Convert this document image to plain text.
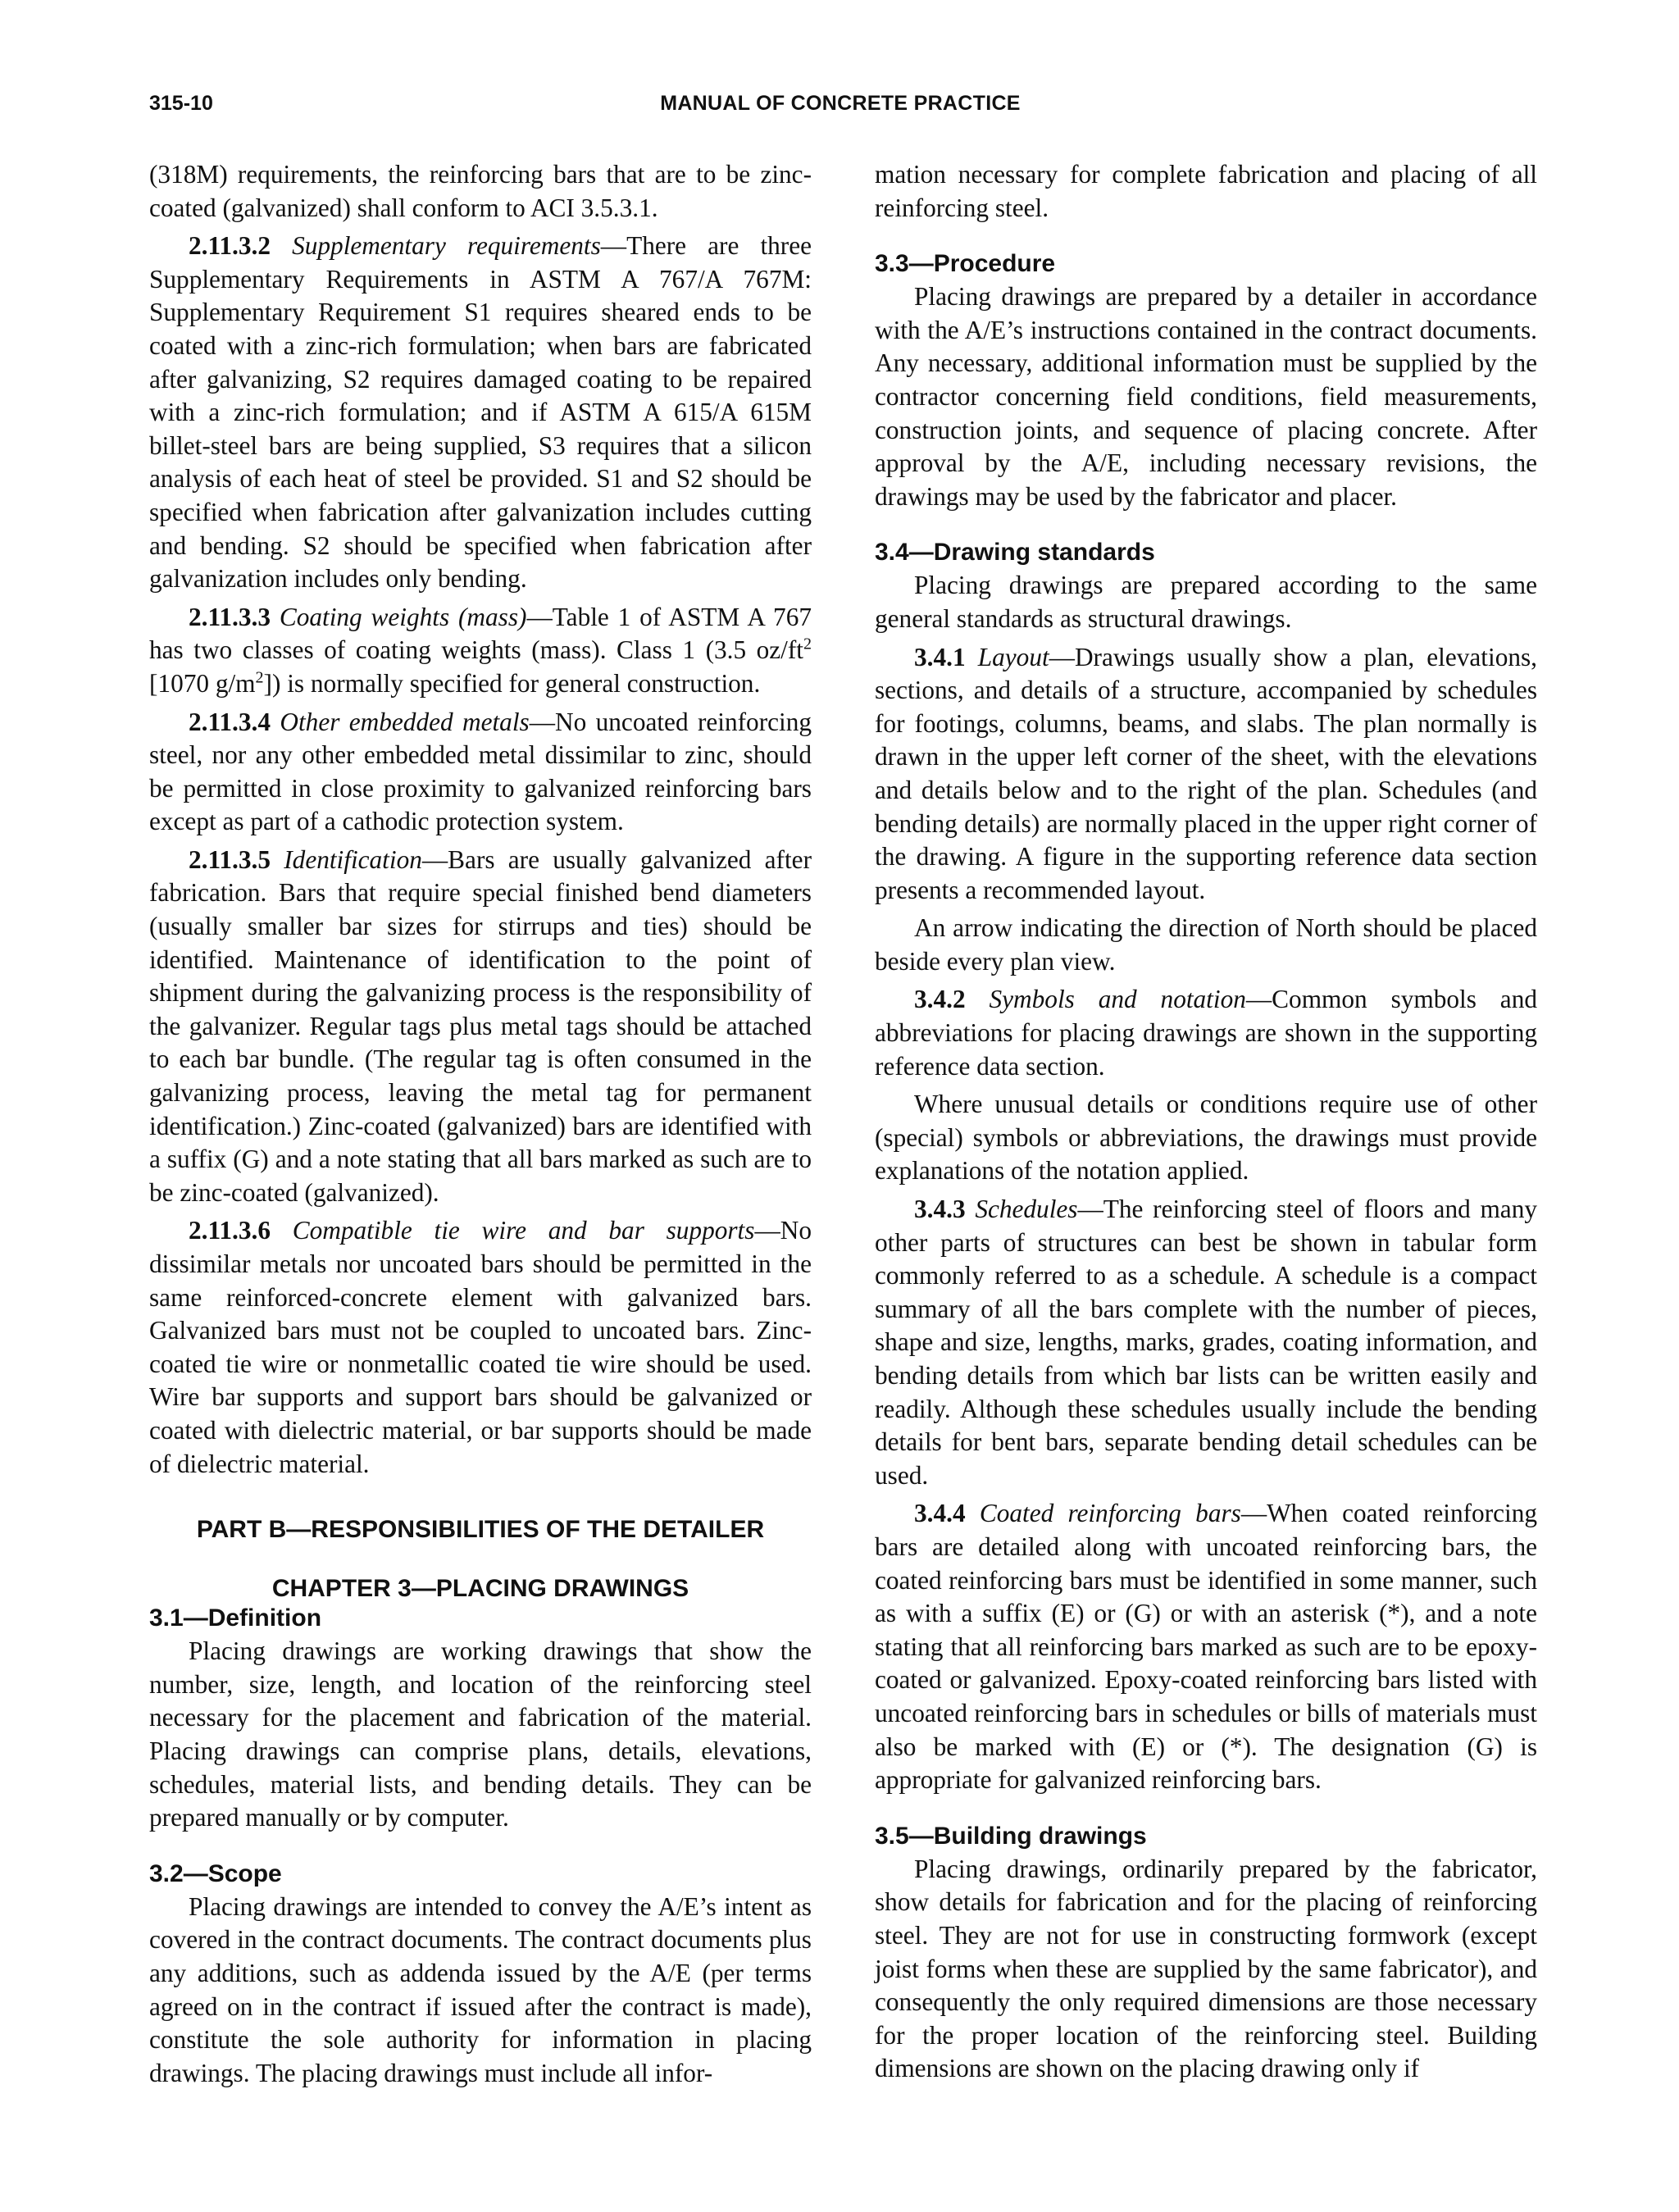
315-10	MANUAL OF CONCRETE PRACTICE

(318M) requirements, the reinforcing bars that are to be zinc-coated (galvanized) shall conform to ACI 3.5.3.1.

2.11.3.2 Supplementary requirements—There are three Supplementary Requirements in ASTM A 767/A 767M: Supplementary Requirement S1 requires sheared ends to be coated with a zinc-rich formulation; when bars are fabricated after galvanizing, S2 requires damaged coating to be repaired with a zinc-rich formulation; and if ASTM A 615/A 615M billet-steel bars are being supplied, S3 requires that a silicon analysis of each heat of steel be provided. S1 and S2 should be specified when fabrication after galvanization includes cutting and bending. S2 should be specified when fabrication after galvanization includes only bending.

2.11.3.3 Coating weights (mass)—Table 1 of ASTM A 767 has two classes of coating weights (mass). Class 1 (3.5 $oz/ft^2$ [1070 $g/m^2$]) is normally specified for general construction.

2.11.3.4 Other embedded metals—No uncoated reinforcing steel, nor any other embedded metal dissimilar to zinc, should be permitted in close proximity to galvanized reinforcing bars except as part of a cathodic protection system.

2.11.3.5 Identification—Bars are usually galvanized after fabrication. Bars that require special finished bend diameters (usually smaller bar sizes for stirrups and ties) should be identified. Maintenance of identification to the point of shipment during the galvanizing process is the responsibility of the galvanizer. Regular tags plus metal tags should be attached to each bar bundle. (The regular tag is often consumed in the galvanizing process, leaving the metal tag for permanent identification.) Zinc-coated (galvanized) bars are identified with a suffix (G) and a note stating that all bars marked as such are to be zinc-coated (galvanized).

2.11.3.6 Compatible tie wire and bar supports—No dissimilar metals nor uncoated bars should be permitted in the same reinforced-concrete element with galvanized bars. Galvanized bars must not be coupled to uncoated bars. Zinc-coated tie wire or nonmetallic coated tie wire should be used. Wire bar supports and support bars should be galvanized or coated with dielectric material, or bar supports should be made of dielectric material.

PART B—RESPONSIBILITIES OF THE DETAILER
CHAPTER 3—PLACING DRAWINGS
3.1—Definition

Placing drawings are working drawings that show the number, size, length, and location of the reinforcing steel necessary for the placement and fabrication of the material. Placing drawings can comprise plans, details, elevations, schedules, material lists, and bending details. They can be prepared manually or by computer.

3.2—Scope

Placing drawings are intended to convey the A/E’s intent as covered in the contract documents. The contract documents plus any additions, such as addenda issued by the A/E (per terms agreed on in the contract if issued after the contract is made), constitute the sole authority for information in placing drawings. The placing drawings must include all infor-

mation necessary for complete fabrication and placing of all reinforcing steel.

3.3—Procedure

Placing drawings are prepared by a detailer in accordance with the A/E’s instructions contained in the contract documents. Any necessary, additional information must be supplied by the contractor concerning field conditions, field measurements, construction joints, and sequence of placing concrete. After approval by the A/E, including necessary revisions, the drawings may be used by the fabricator and placer.

3.4—Drawing standards

Placing drawings are prepared according to the same general standards as structural drawings.

3.4.1 Layout—Drawings usually show a plan, elevations, sections, and details of a structure, accompanied by schedules for footings, columns, beams, and slabs. The plan normally is drawn in the upper left corner of the sheet, with the elevations and details below and to the right of the plan. Schedules (and bending details) are normally placed in the upper right corner of the drawing. A figure in the supporting reference data section presents a recommended layout.

An arrow indicating the direction of North should be placed beside every plan view.

3.4.2 Symbols and notation—Common symbols and abbreviations for placing drawings are shown in the supporting reference data section.

Where unusual details or conditions require use of other (special) symbols or abbreviations, the drawings must provide explanations of the notation applied.

3.4.3 Schedules—The reinforcing steel of floors and many other parts of structures can best be shown in tabular form commonly referred to as a schedule. A schedule is a compact summary of all the bars complete with the number of pieces, shape and size, lengths, marks, grades, coating information, and bending details from which bar lists can be written easily and readily. Although these schedules usually include the bending details for bent bars, separate bending detail schedules can be used.

3.4.4 Coated reinforcing bars—When coated reinforcing bars are detailed along with uncoated reinforcing bars, the coated reinforcing bars must be identified in some manner, such as with a suffix (E) or (G) or with an asterisk (*), and a note stating that all reinforcing bars marked as such are to be epoxy-coated or galvanized. Epoxy-coated reinforcing bars listed with uncoated reinforcing bars in schedules or bills of materials must also be marked with (E) or (*). The designation (G) is appropriate for galvanized reinforcing bars.

3.5—Building drawings

Placing drawings, ordinarily prepared by the fabricator, show details for fabrication and for the placing of reinforcing steel. They are not for use in constructing formwork (except joist forms when these are supplied by the same fabricator), and consequently the only required dimensions are those necessary for the proper location of the reinforcing steel. Building dimensions are shown on the placing drawing only if
